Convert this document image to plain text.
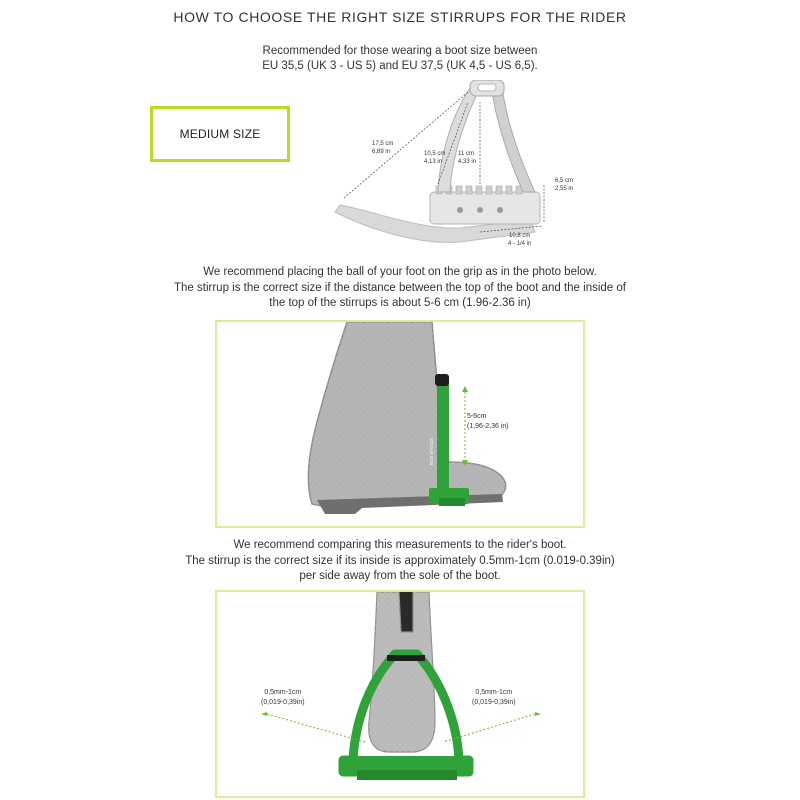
HOW TO CHOOSE THE RIGHT SIZE STIRRUPS FOR THE RIDER
Recommended for those wearing a boot size between
EU 35,5 (UK 3 - US 5) and EU 37,5 (UK 4,5 - US 6,5).
MEDIUM SIZE
17,5 cm
6,89 in	10,5 cm
4,13 in
11 cm
4,33 in
6,5 cm
2,55 in
10,8 cm
4 - 1/4 in
We recommend placing the ball of your foot on the grip as in the photo below.
The stirrup is the correct size if the distance between the top of the boot and the inside of
the top of the stirrups is about 5-6 cm (1.96-2.36 in)
5-6cm
(1,96-2,36 in)
tech stirrups
We recommend comparing this measurements to the rider's boot.
The stirrup is the correct size if its inside is approximately 0.5mm-1cm (0.019-0.39in)
per side away from the sole of the boot.
0,5mm-1cm
(0,019-0,39in)
0,5mm-1cm
(0,019-0,39in)
